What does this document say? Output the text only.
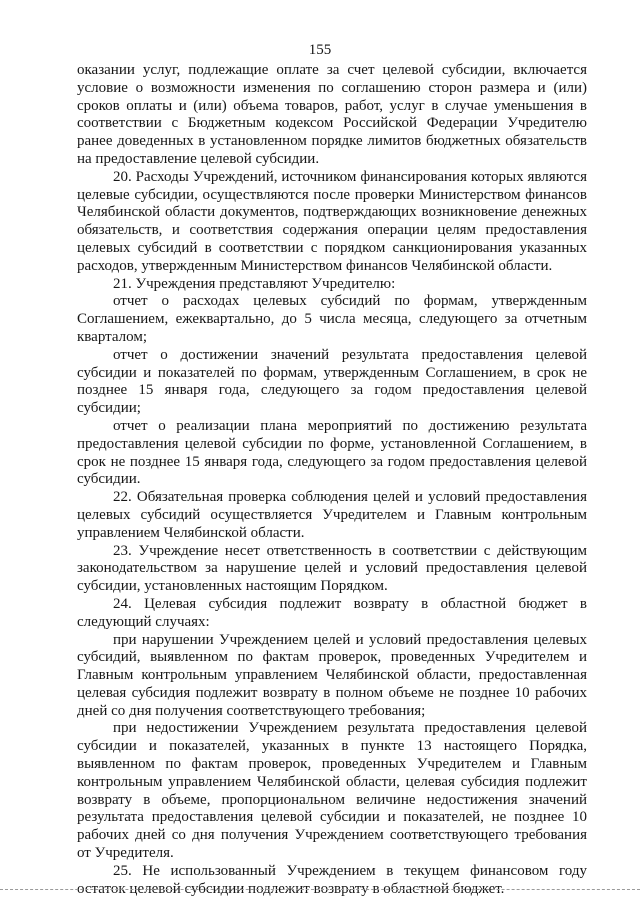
155

оказании услуг, подлежащие оплате за счет целевой субсидии, включается условие о возможности изменения по соглашению сторон размера и (или) сроков оплаты и (или) объема товаров, работ, услуг в случае уменьшения в соответствии с Бюджетным кодексом Российской Федерации Учредителю ранее доведенных в установленном порядке лимитов бюджетных обязательств на предоставление целевой субсидии.

20. Расходы Учреждений, источником финансирования которых являются целевые субсидии, осуществляются после проверки Министерством финансов Челябинской области документов, подтверждающих возникновение денежных обязательств, и соответствия содержания операции целям предоставления целевых субсидий в соответствии с порядком санкционирования указанных расходов, утвержденным Министерством финансов Челябинской области.

21. Учреждения представляют Учредителю:

отчет о расходах целевых субсидий по формам, утвержденным Соглашением, ежеквартально, до 5 числа месяца, следующего за отчетным кварталом;

отчет о достижении значений результата предоставления целевой субсидии и показателей по формам, утвержденным Соглашением, в срок не позднее 15 января года, следующего за годом предоставления целевой субсидии;

отчет о реализации плана мероприятий по достижению результата предоставления целевой субсидии по форме, установленной Соглашением, в срок не позднее 15 января года, следующего за годом предоставления целевой субсидии.

22. Обязательная проверка соблюдения целей и условий предоставления целевых субсидий осуществляется Учредителем и Главным контрольным управлением Челябинской области.

23. Учреждение несет ответственность в соответствии с действующим законодательством за нарушение целей и условий предоставления целевой субсидии, установленных настоящим Порядком.

24. Целевая субсидия подлежит возврату в областной бюджет в следующий случаях:

при нарушении Учреждением целей и условий предоставления целевых субсидий, выявленном по фактам проверок, проведенных Учредителем и Главным контрольным управлением Челябинской области, предоставленная целевая субсидия подлежит возврату в полном объеме не позднее 10 рабочих дней со дня получения соответствующего требования;

при недостижении Учреждением результата предоставления целевой субсидии и показателей, указанных в пункте 13 настоящего Порядка, выявленном по фактам проверок, проведенных Учредителем и Главным контрольным управлением Челябинской области, целевая субсидия подлежит возврату в объеме, пропорциональном величине недостижения значений результата предоставления целевой субсидии и показателей, не позднее 10 рабочих дней со дня получения Учреждением соответствующего требования от Учредителя.

25. Не использованный Учреждением в текущем финансовом году остаток целевой субсидии подлежит возврату в областной бюджет.
